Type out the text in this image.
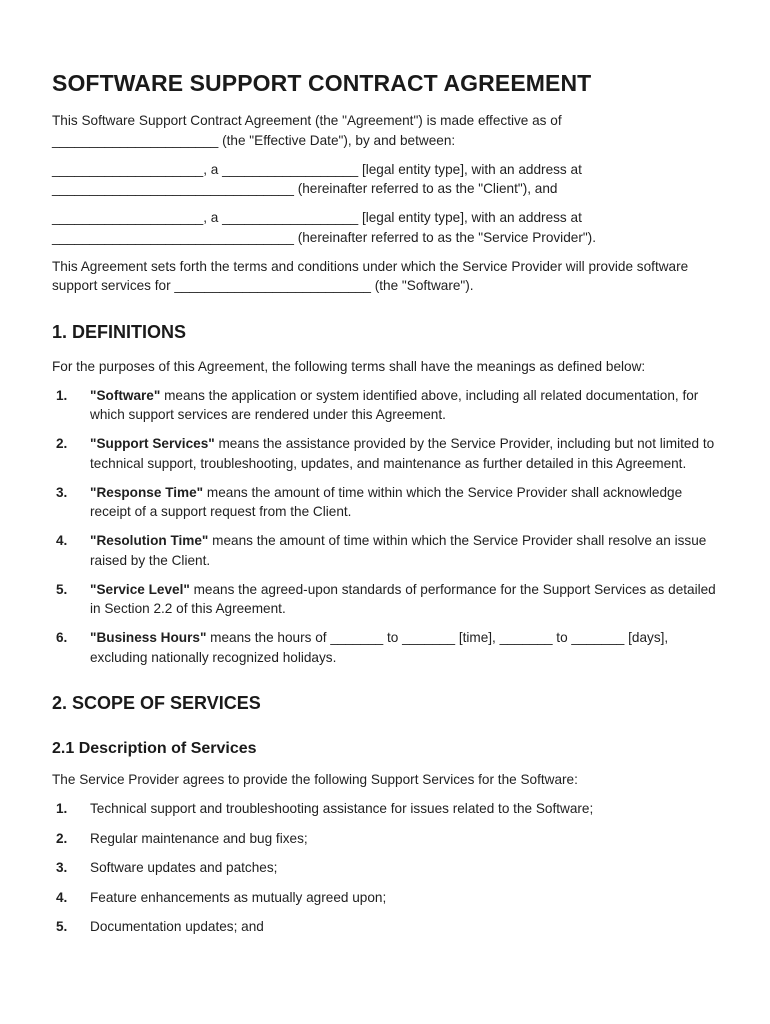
SOFTWARE SUPPORT CONTRACT AGREEMENT

This Software Support Contract Agreement (the "Agreement") is made effective as of ______________________ (the "Effective Date"), by and between:

____________________, a __________________ [legal entity type], with an address at ________________________________ (hereinafter referred to as the "Client"), and

____________________, a __________________ [legal entity type], with an address at ________________________________ (hereinafter referred to as the "Service Provider").

This Agreement sets forth the terms and conditions under which the Service Provider will provide software support services for __________________________ (the "Software").

1. DEFINITIONS

For the purposes of this Agreement, the following terms shall have the meanings as defined below:

1. "Software" means the application or system identified above, including all related documentation, for which support services are rendered under this Agreement.
2. "Support Services" means the assistance provided by the Service Provider, including but not limited to technical support, troubleshooting, updates, and maintenance as further detailed in this Agreement.
3. "Response Time" means the amount of time within which the Service Provider shall acknowledge receipt of a support request from the Client.
4. "Resolution Time" means the amount of time within which the Service Provider shall resolve an issue raised by the Client.
5. "Service Level" means the agreed-upon standards of performance for the Support Services as detailed in Section 2.2 of this Agreement.
6. "Business Hours" means the hours of _______ to _______ [time], _______ to _______ [days], excluding nationally recognized holidays.
2. SCOPE OF SERVICES
2.1 Description of Services

The Service Provider agrees to provide the following Support Services for the Software:

1. Technical support and troubleshooting assistance for issues related to the Software;
2. Regular maintenance and bug fixes;
3. Software updates and patches;
4. Feature enhancements as mutually agreed upon;
5. Documentation updates; and
